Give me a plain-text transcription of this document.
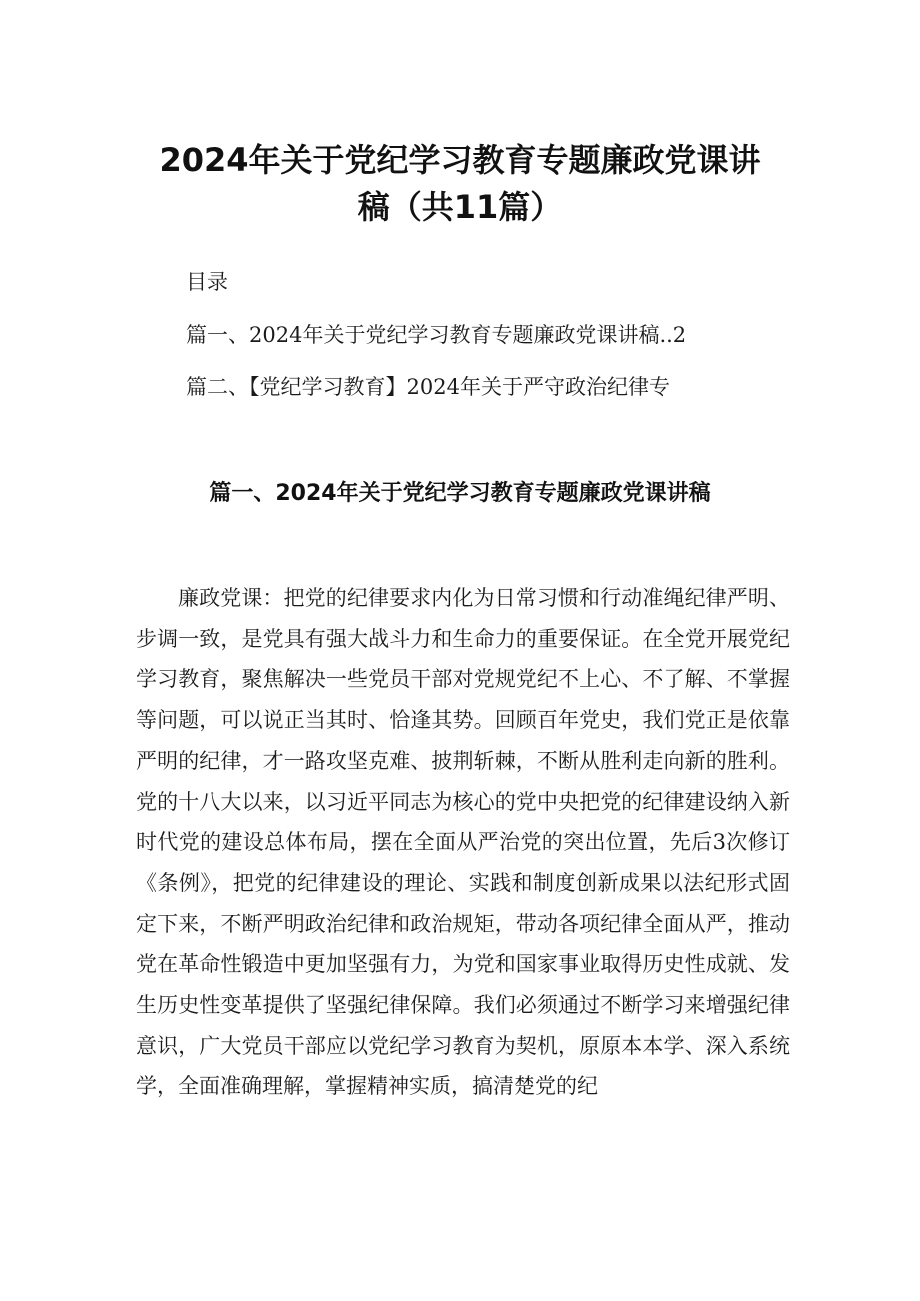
2024年关于党纪学习教育专题廉政党课讲
稿（共11篇）
目录
篇一、2024年关于党纪学习教育专题廉政党课讲稿..2
篇二、【党纪学习教育】2024年关于严守政治纪律专
篇一、2024年关于党纪学习教育专题廉政党课讲稿

廉政党课：把党的纪律要求内化为日常习惯和行动准绳纪律严明、步调一致，是党具有强大战斗力和生命力的重要保证。在全党开展党纪学习教育，聚焦解决一些党员干部对党规党纪不上心、不了解、不掌握等问题，可以说正当其时、恰逢其势。回顾百年党史，我们党正是依靠严明的纪律，才一路攻坚克难、披荆斩棘，不断从胜利走向新的胜利。党的十八大以来，以习近平同志为核心的党中央把党的纪律建设纳入新时代党的建设总体布局，摆在全面从严治党的突出位置，先后3次修订《条例》，把党的纪律建设的理论、实践和制度创新成果以法纪形式固定下来，不断严明政治纪律和政治规矩，带动各项纪律全面从严，推动党在革命性锻造中更加坚强有力，为党和国家事业取得历史性成就、发生历史性变革提供了坚强纪律保障。我们必须通过不断学习来增强纪律意识，广大党员干部应以党纪学习教育为契机，原原本本学、深入系统学，全面准确理解，掌握精神实质，搞清楚党的纪
